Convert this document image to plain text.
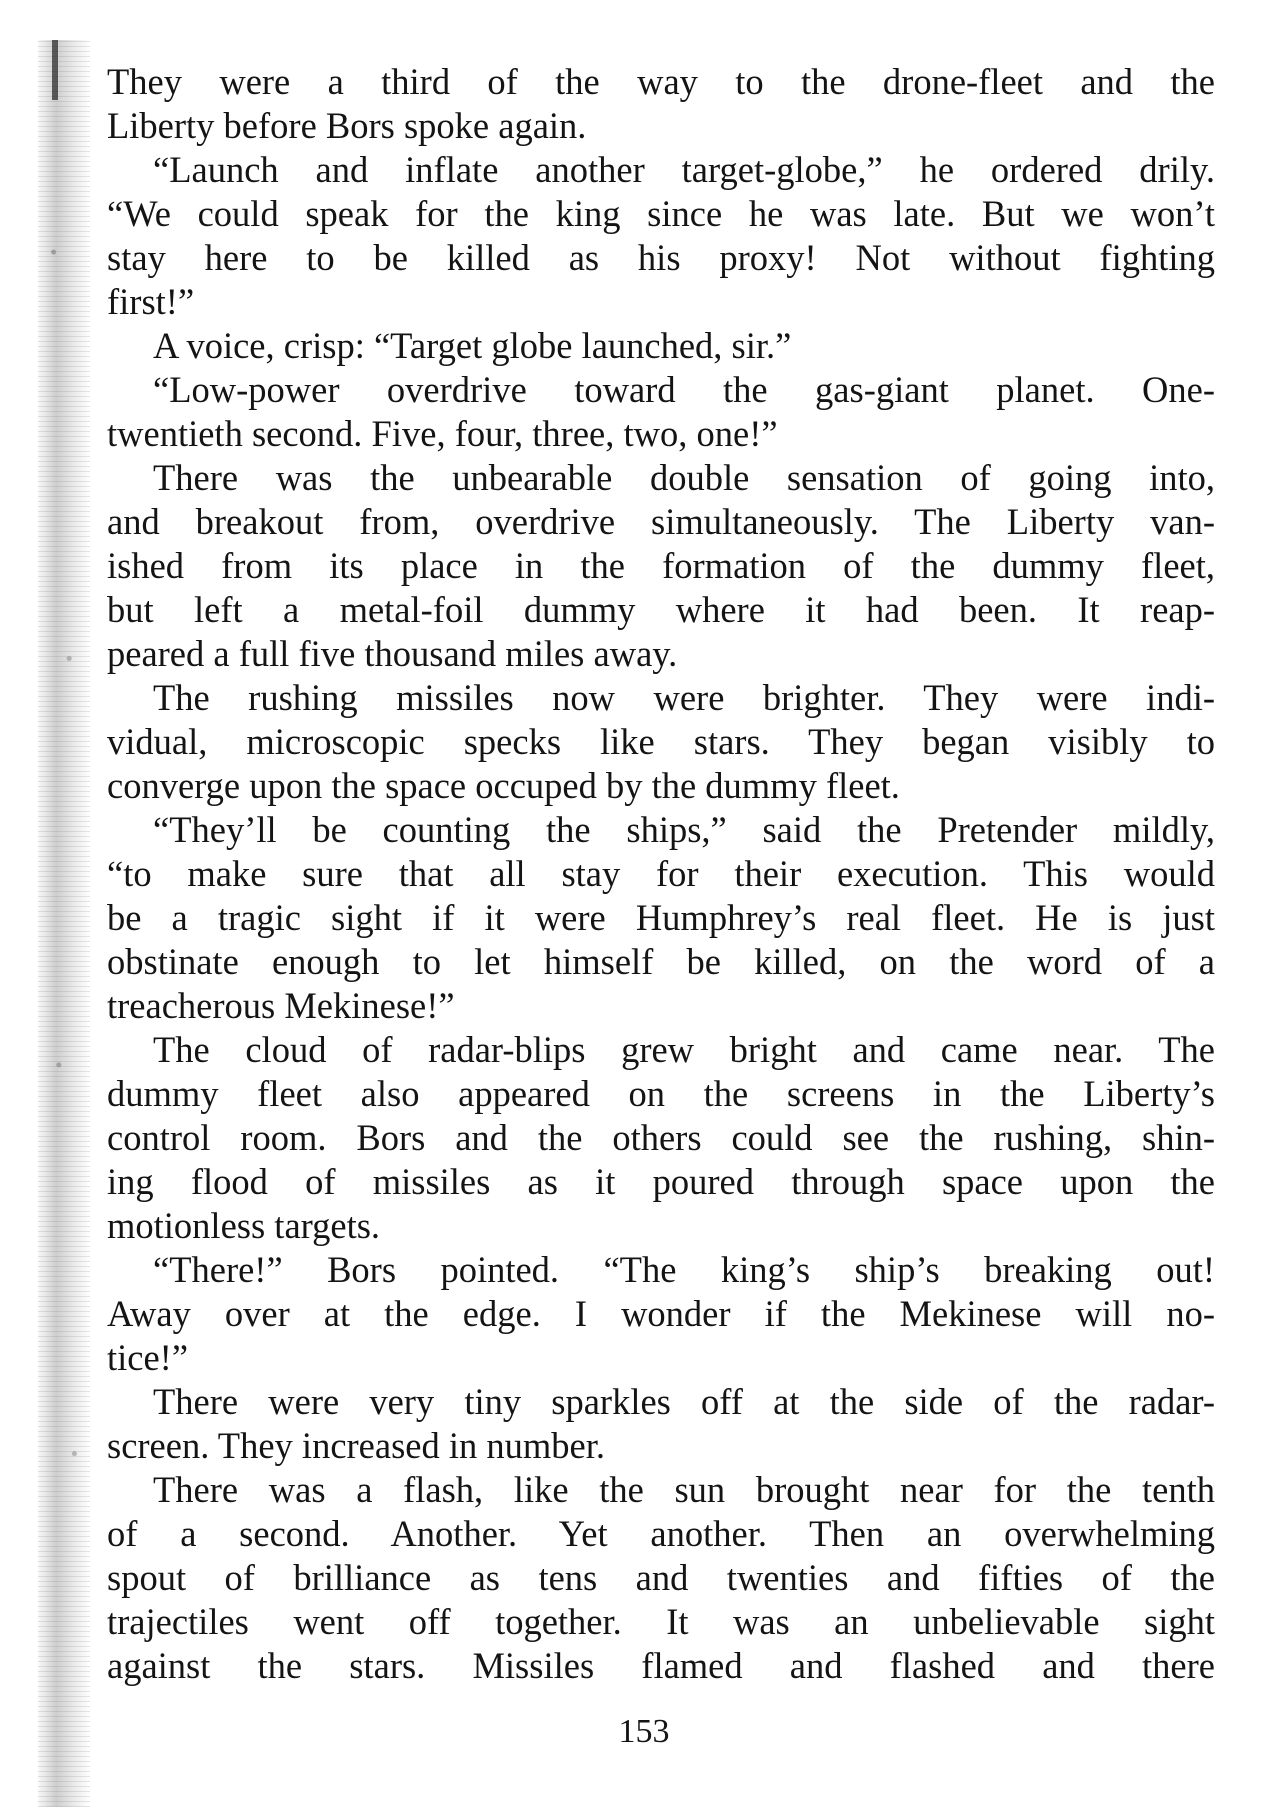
They were a third of the way to the drone-fleet and the
Liberty before Bors spoke again.
“Launch and inflate another target-globe,” he ordered drily.
“We could speak for the king since he was late. But we won’t
stay here to be killed as his proxy! Not without fighting
first!”
A voice, crisp: “Target globe launched, sir.”
“Low-power overdrive toward the gas-giant planet. One-
twentieth second. Five, four, three, two, one!”
There was the unbearable double sensation of going into,
and breakout from, overdrive simultaneously. The Liberty van-
ished from its place in the formation of the dummy fleet,
but left a metal-foil dummy where it had been. It reap-
peared a full five thousand miles away.
The rushing missiles now were brighter. They were indi-
vidual, microscopic specks like stars. They began visibly to
converge upon the space occuped by the dummy fleet.
“They’ll be counting the ships,” said the Pretender mildly,
“to make sure that all stay for their execution. This would
be a tragic sight if it were Humphrey’s real fleet. He is just
obstinate enough to let himself be killed, on the word of a
treacherous Mekinese!”
The cloud of radar-blips grew bright and came near. The
dummy fleet also appeared on the screens in the Liberty’s
control room. Bors and the others could see the rushing, shin-
ing flood of missiles as it poured through space upon the
motionless targets.
“There!” Bors pointed. “The king’s ship’s breaking out!
Away over at the edge. I wonder if the Mekinese will no-
tice!”
There were very tiny sparkles off at the side of the radar-
screen. They increased in number.
There was a flash, like the sun brought near for the tenth
of a second. Another. Yet another. Then an overwhelming
spout of brilliance as tens and twenties and fifties of the
trajectiles went off together. It was an unbelievable sight
against the stars. Missiles flamed and flashed and there
153
